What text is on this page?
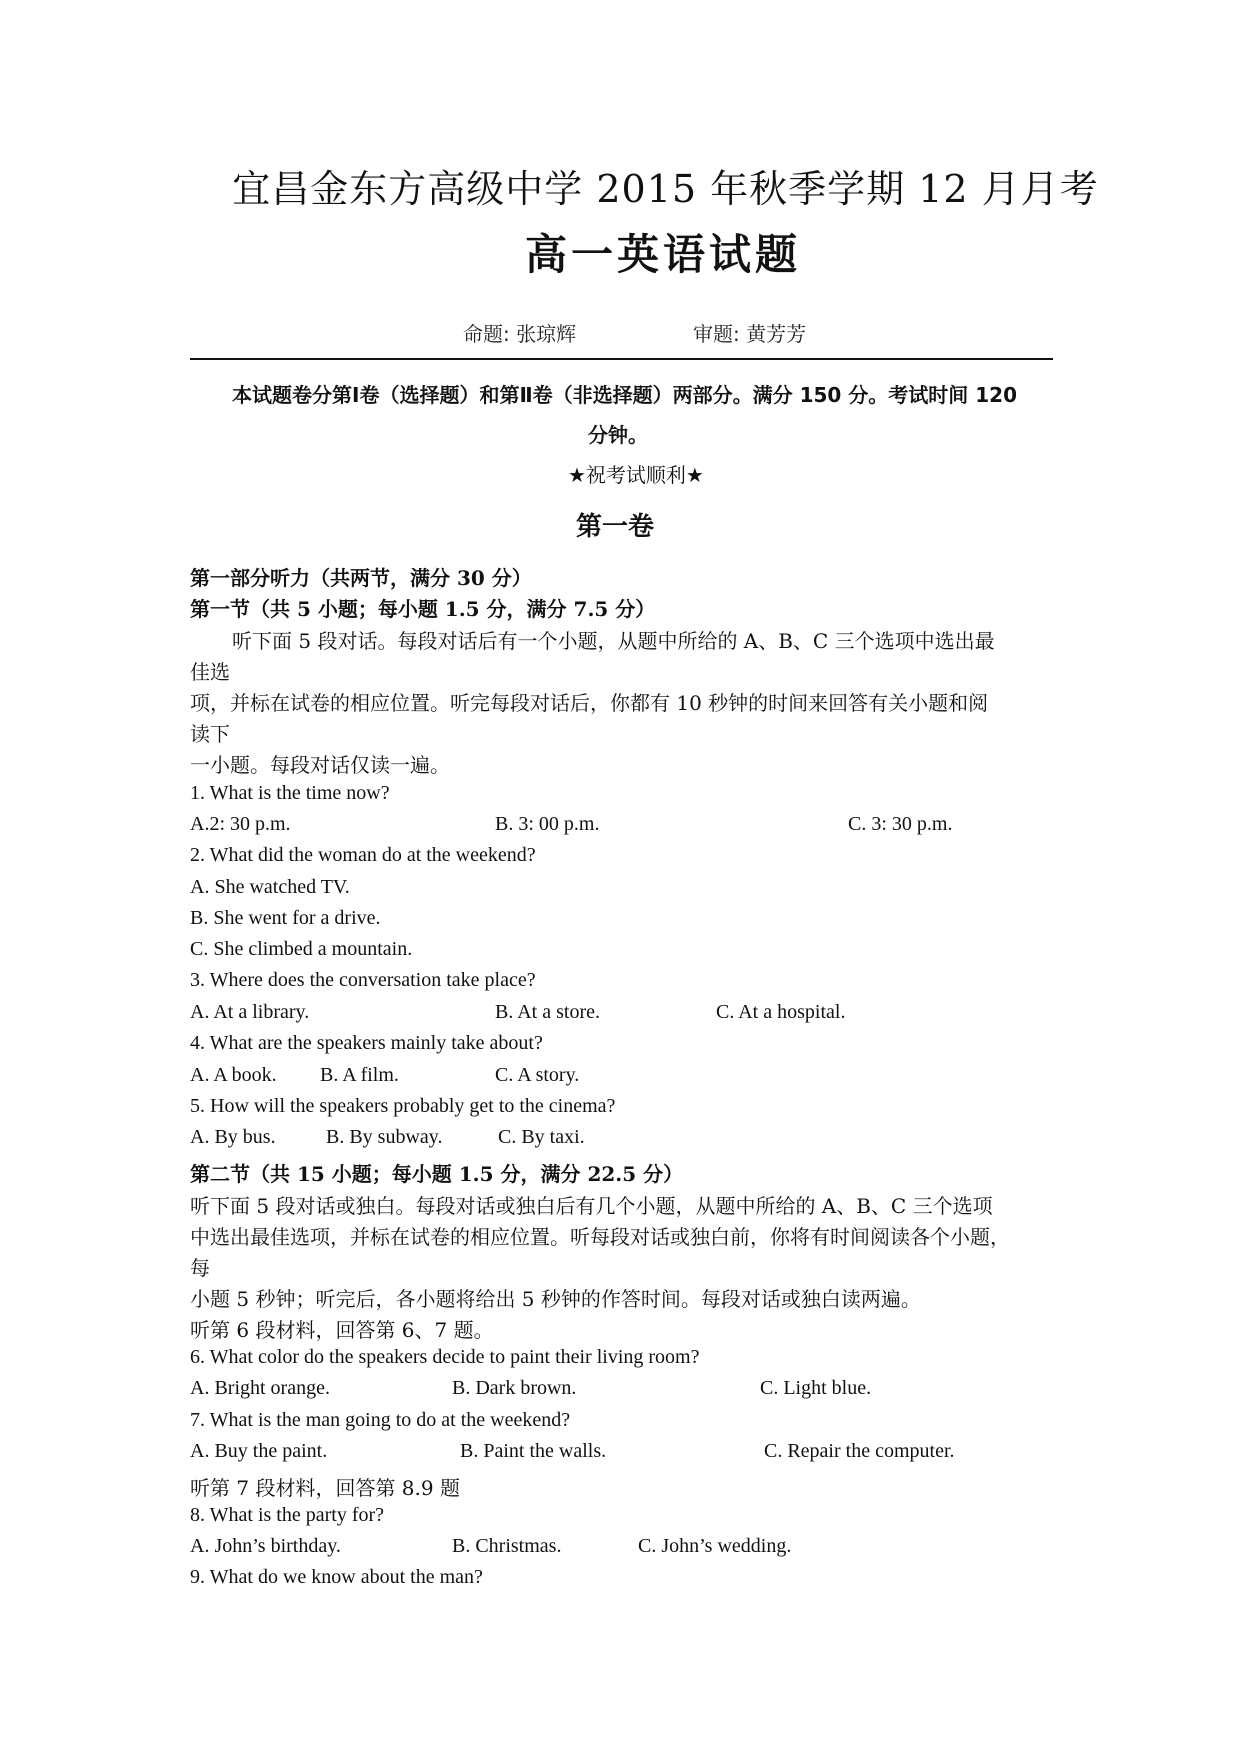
宜昌金东方高级中学 2015 年秋季学期 12 月月考
高一英语试题
命题: 张琼辉	审题: 黄芳芳
本试题卷分第Ⅰ卷（选择题）和第Ⅱ卷（非选择题）两部分。满分 150 分。考试时间 120
分钟。
★祝考试顺利★
第一卷
第一部分听力（共两节，满分 30 分）
第一节（共 5 小题；每小题 1.5 分，满分 7.5 分）
听下面 5 段对话。每段对话后有一个小题，从题中所给的 A、B、C 三个选项中选出最
佳选
项，并标在试卷的相应位置。听完每段对话后，你都有 10 秒钟的时间来回答有关小题和阅
读下
一小题。每段对话仅读一遍。
1. What is the time now?
A.2: 30 p.m.	B. 3: 00 p.m.	C. 3: 30 p.m.
2. What did the woman do at the weekend?
A. She watched TV.
B. She went for a drive.
C. She climbed a mountain.
3. Where does the conversation take place?
A. At a library.	B. At a store.	C. At a hospital.
4. What are the speakers mainly take about?
A. A book. B. A film.	C. A story.
5. How will the speakers probably get to the cinema?
A. By bus.	B. By subway.	C. By taxi.
第二节（共 15 小题；每小题 1.5 分，满分 22.5 分）
听下面 5 段对话或独白。每段对话或独白后有几个小题，从题中所给的 A、B、C 三个选项
中选出最佳选项，并标在试卷的相应位置。听每段对话或独白前，你将有时间阅读各个小题，
每
小题 5 秒钟；听完后，各小题将给出 5 秒钟的作答时间。每段对话或独白读两遍。
听第 6 段材料，回答第 6、7 题。
6. What color do the speakers decide to paint their living room?
A. Bright orange.	B. Dark brown.	C. Light blue.
7. What is the man going to do at the weekend?
A. Buy the paint.	B. Paint the walls.	C. Repair the computer.
听第 7 段材料，回答第 8.9 题
8. What is the party for?
A. John’s birthday.	B. Christmas.	C. John’s wedding.
9. What do we know about the man?
